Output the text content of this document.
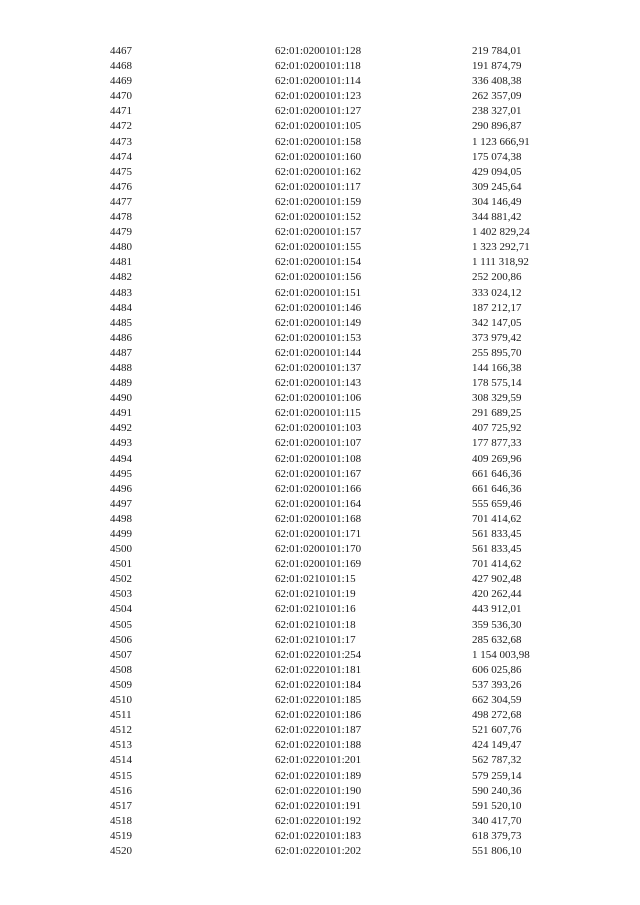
4467	62:01:0200101:128	219 784,01
4468	62:01:0200101:118	191 874,79
4469	62:01:0200101:114	336 408,38
4470	62:01:0200101:123	262 357,09
4471	62:01:0200101:127	238 327,01
4472	62:01:0200101:105	290 896,87
4473	62:01:0200101:158	1 123 666,91
4474	62:01:0200101:160	175 074,38
4475	62:01:0200101:162	429 094,05
4476	62:01:0200101:117	309 245,64
4477	62:01:0200101:159	304 146,49
4478	62:01:0200101:152	344 881,42
4479	62:01:0200101:157	1 402 829,24
4480	62:01:0200101:155	1 323 292,71
4481	62:01:0200101:154	1 111 318,92
4482	62:01:0200101:156	252 200,86
4483	62:01:0200101:151	333 024,12
4484	62:01:0200101:146	187 212,17
4485	62:01:0200101:149	342 147,05
4486	62:01:0200101:153	373 979,42
4487	62:01:0200101:144	255 895,70
4488	62:01:0200101:137	144 166,38
4489	62:01:0200101:143	178 575,14
4490	62:01:0200101:106	308 329,59
4491	62:01:0200101:115	291 689,25
4492	62:01:0200101:103	407 725,92
4493	62:01:0200101:107	177 877,33
4494	62:01:0200101:108	409 269,96
4495	62:01:0200101:167	661 646,36
4496	62:01:0200101:166	661 646,36
4497	62:01:0200101:164	555 659,46
4498	62:01:0200101:168	701 414,62
4499	62:01:0200101:171	561 833,45
4500	62:01:0200101:170	561 833,45
4501	62:01:0200101:169	701 414,62
4502	62:01:0210101:15	427 902,48
4503	62:01:0210101:19	420 262,44
4504	62:01:0210101:16	443 912,01
4505	62:01:0210101:18	359 536,30
4506	62:01:0210101:17	285 632,68
4507	62:01:0220101:254	1 154 003,98
4508	62:01:0220101:181	606 025,86
4509	62:01:0220101:184	537 393,26
4510	62:01:0220101:185	662 304,59
4511	62:01:0220101:186	498 272,68
4512	62:01:0220101:187	521 607,76
4513	62:01:0220101:188	424 149,47
4514	62:01:0220101:201	562 787,32
4515	62:01:0220101:189	579 259,14
4516	62:01:0220101:190	590 240,36
4517	62:01:0220101:191	591 520,10
4518	62:01:0220101:192	340 417,70
4519	62:01:0220101:183	618 379,73
4520	62:01:0220101:202	551 806,10
